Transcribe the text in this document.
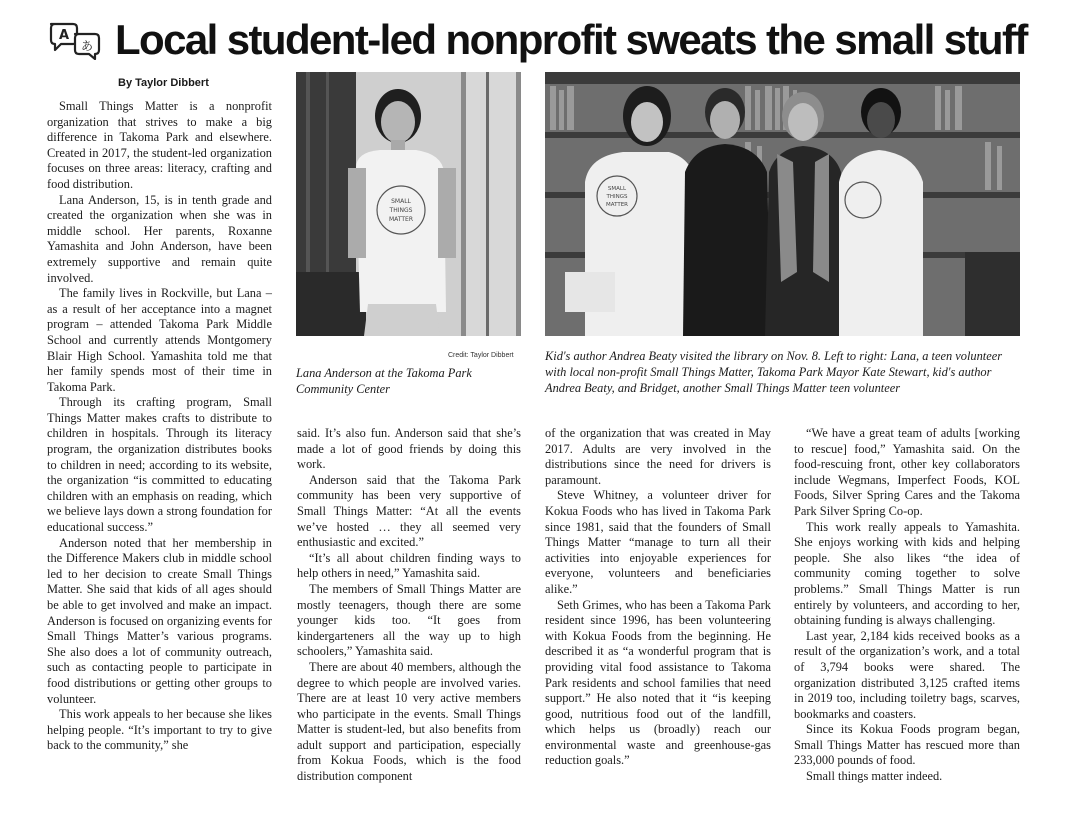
A
あ Local student-led nonprofit sweats the small stuff
By Taylor Dibbert

Small Things Matter is a nonprofit organization that strives to make a big difference in Takoma Park and elsewhere. Created in 2017, the student-led organization focuses on three areas: literacy, crafting and food distribution.

Lana Anderson, 15, is in tenth grade and created the organization when she was in middle school. Her parents, Roxanne Yamashita and John Anderson, have been extremely supportive and remain quite involved.

The family lives in Rockville, but Lana – as a result of her acceptance into a magnet program – attended Takoma Park Middle School and currently attends Montgomery Blair High School. Yamashita told me that her family spends most of their time in Takoma Park.

Through its crafting program, Small Things Matter makes crafts to distribute to children in hospitals. Through its literacy program, the organization distributes books to children in need; according to its website, the organization “is committed to educating children with an emphasis on reading, which we believe lays down a strong foundation for educational success.”

Anderson noted that her membership in the Difference Makers club in middle school led to her decision to create Small Things Matter. She said that kids of all ages should be able to get involved and make an impact. Anderson is focused on organizing events for Small Things Matter’s various programs. She also does a lot of community outreach, such as contacting people to participate in food distributions or getting other groups to volunteer.

This work appeals to her because she likes helping people. “It’s important to try to give back to the community,” she

SMALL
THINGS
MATTER
SMALL
THINGS
MATTER
Credit: Taylor Dibbert
Lana Anderson at the Takoma Park Community Center
Kid's author Andrea Beaty visited the library on Nov. 8. Left to right: Lana, a teen volunteer with local non-profit Small Things Matter, Takoma Park Mayor Kate Stewart, kid's author Andrea Beaty, and Bridget, another Small Things Matter teen volunteer

said. It’s also fun. Anderson said that she’s made a lot of good friends by doing this work.

Anderson said that the Takoma Park community has been very supportive of Small Things Matter: “At all the events we’ve hosted … they all seemed very enthusiastic and excited.”

“It’s all about children finding ways to help others in need,” Yamashita said.

The members of Small Things Matter are mostly teenagers, though there are some younger kids too. “It goes from kindergarteners all the way up to high schoolers,” Yamashita said.

There are about 40 members, although the degree to which people are involved varies. There are at least 10 very active members who participate in the events. Small Things Matter is student-led, but also benefits from adult support and participation, especially from Kokua Foods, which is the food distribution component

of the organization that was created in May 2017. Adults are very involved in the distributions since the need for drivers is paramount.

Steve Whitney, a volunteer driver for Kokua Foods who has lived in Takoma Park since 1981, said that the founders of Small Things Matter “manage to turn all their activities into enjoyable experiences for everyone, volunteers and beneficiaries alike.”

Seth Grimes, who has been a Takoma Park resident since 1996, has been volunteering with Kokua Foods from the beginning. He described it as “a wonderful program that is providing vital food assistance to Takoma Park residents and school families that need support.” He also noted that it “is keeping good, nutritious food out of the landfill, which helps us (broadly) reach our environmental waste and greenhouse-gas reduction goals.”

“We have a great team of adults [working to rescue] food,” Yamashita said. On the food-rescuing front, other key collaborators include Wegmans, Imperfect Foods, KOL Foods, Silver Spring Cares and the Takoma Park Silver Spring Co-op.

This work really appeals to Yamashita. She enjoys working with kids and helping people. She also likes “the idea of community coming together to solve problems.” Small Things Matter is run entirely by volunteers, and according to her, obtaining funding is always challenging.

Last year, 2,184 kids received books as a result of the organization’s work, and a total of 3,794 books were shared. The organization distributed 3,125 crafted items in 2019 too, including toiletry bags, scarves, bookmarks and coasters.

Since its Kokua Foods program began, Small Things Matter has rescued more than 233,000 pounds of food.

Small things matter indeed.
